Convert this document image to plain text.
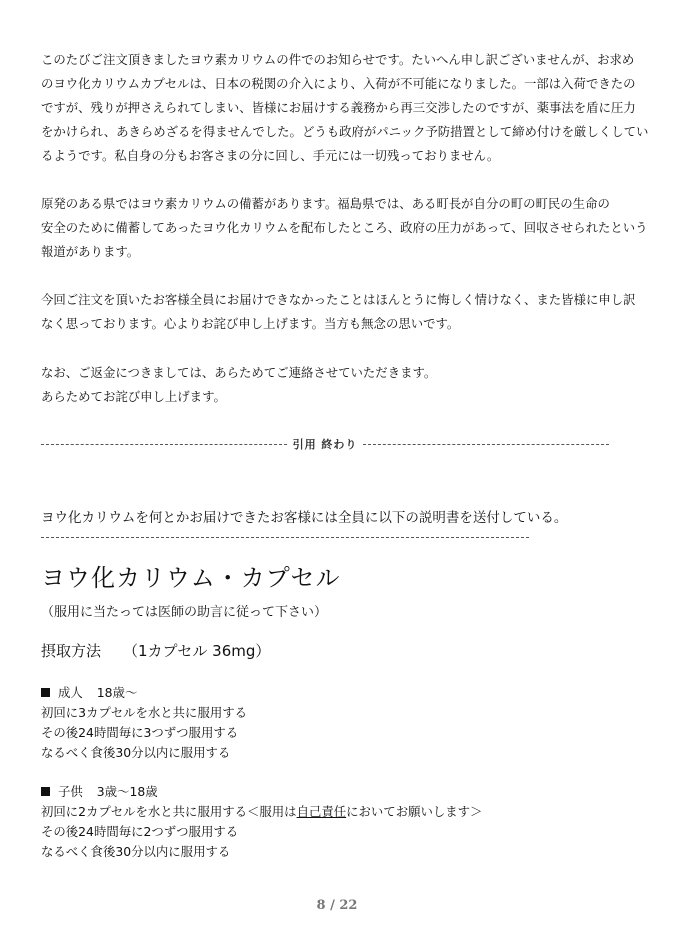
このたびご注文頂きましたヨウ素カリウムの件でのお知らせです。たいへん申し訳ございませんが、お求め
のヨウ化カリウムカプセルは、日本の税関の介入により、入荷が不可能になりました。一部は入荷できたの
ですが、残りが押さえられてしまい、皆様にお届けする義務から再三交渉したのですが、薬事法を盾に圧力
をかけられ、あきらめざるを得ませんでした。どうも政府がパニック予防措置として締め付けを厳しくしてい
るようです。私自身の分もお客さまの分に回し、手元には一切残っておりません。
原発のある県ではヨウ素カリウムの備蓄があります。福島県では、ある町長が自分の町の町民の生命の
安全のために備蓄してあったヨウ化カリウムを配布したところ、政府の圧力があって、回収させられたという
報道があります。
今回ご注文を頂いたお客様全員にお届けできなかったことはほんとうに悔しく情けなく、また皆様に申し訳
なく思っております。心よりお詫び申し上げます。当方も無念の思いです。
なお、ご返金につきましては、あらためてご連絡させていただきます。
あらためてお詫び申し上げます。
引用 終わり

ヨウ化カリウムを何とかお届けできたお客様には全員に以下の説明書を送付している。

ヨウ化カリウム・カプセル

（服用に当たっては医師の助言に従って下さい）

摂取方法 （1カプセル 36mg）

成人 18歳～
初回に3カプセルを水と共に服用する
その後24時間毎に3つずつ服用する
なるべく食後30分以内に服用する
子供 3歳～18歳
初回に2カプセルを水と共に服用する＜服用は自己責任においてお願いします＞
その後24時間毎に2つずつ服用する
なるべく食後30分以内に服用する
8 / 22
